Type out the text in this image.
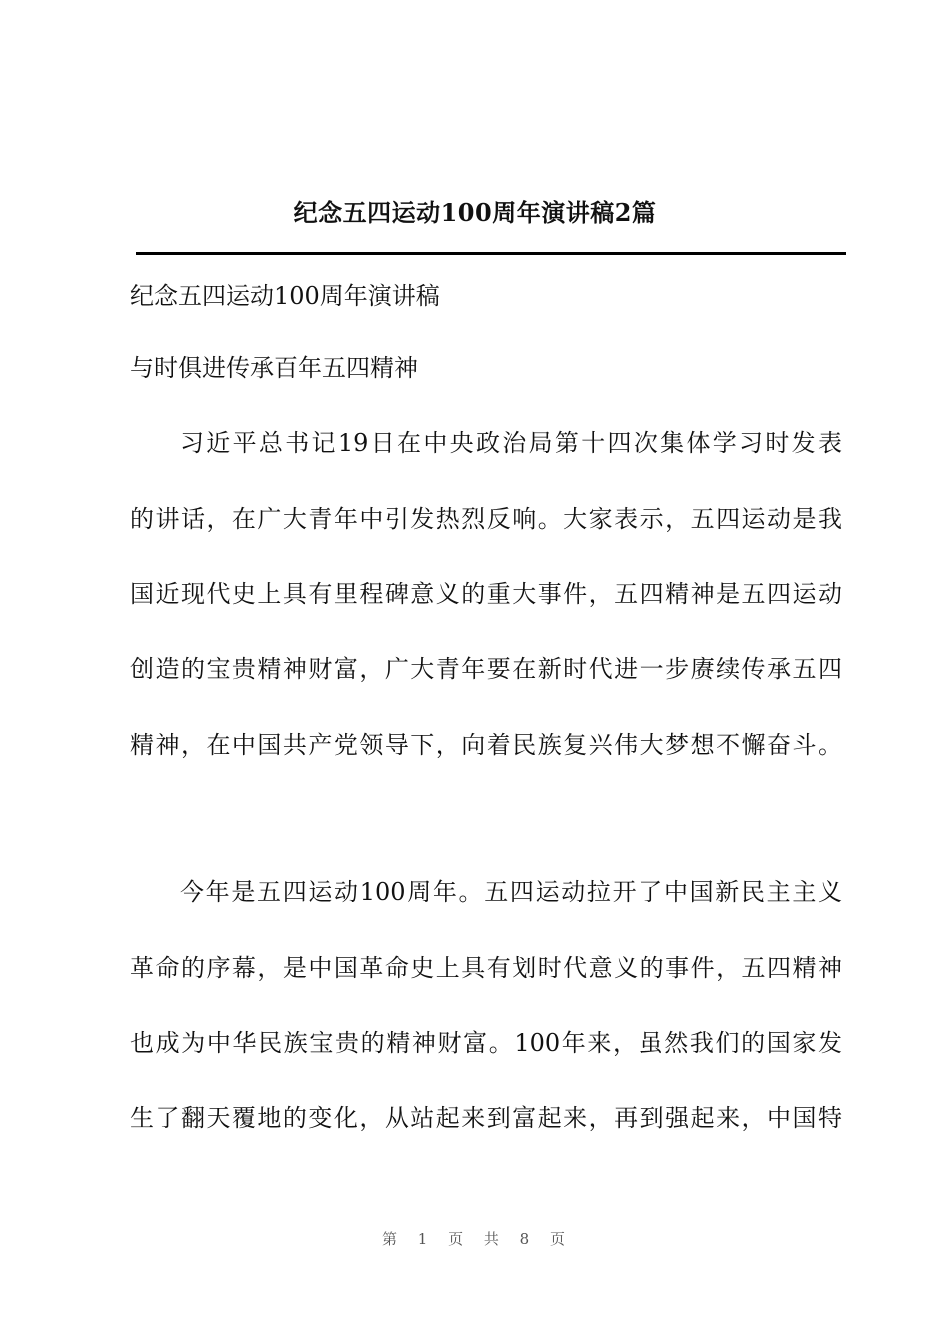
纪念五四运动100周年演讲稿2篇
纪念五四运动100周年演讲稿
与时俱进传承百年五四精神
习近平总书记19日在中央政治局第十四次集体学习时发表
的讲话，在广大青年中引发热烈反响。大家表示，五四运动是我
国近现代史上具有里程碑意义的重大事件，五四精神是五四运动
创造的宝贵精神财富，广大青年要在新时代进一步赓续传承五四
精神，在中国共产党领导下，向着民族复兴伟大梦想不懈奋斗。
今年是五四运动100周年。五四运动拉开了中国新民主主义
革命的序幕，是中国革命史上具有划时代意义的事件，五四精神
也成为中华民族宝贵的精神财富。100年来，虽然我们的国家发
生了翻天覆地的变化，从站起来到富起来，再到强起来，中国特
第 1 页 共 8 页
